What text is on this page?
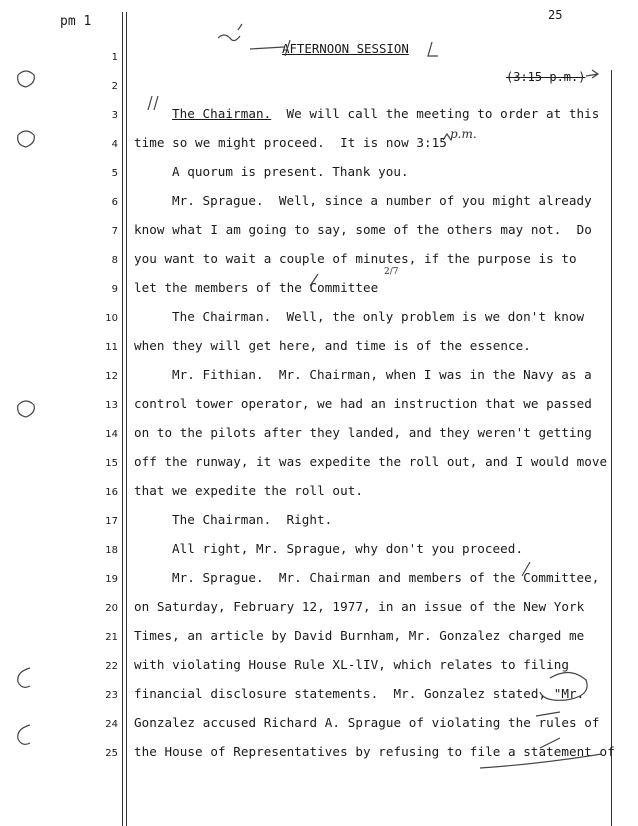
pm 1	25
AFTERNOON SESSION
(3:15 p.m.)
1
2
3	The Chairman.  We will call the meeting to order at this
4 time so we might proceed.  It is now 3:15
5	A quorum is present. Thank you.
6	Mr. Sprague.  Well, since a number of you might already
7 know what I am going to say, some of the others may not.  Do
8 you want to wait a couple of minutes, if the purpose is to
9 let the members of the Committee
10	The Chairman.  Well, the only problem is we don't know
11 when they will get here, and time is of the essence.
12	Mr. Fithian.  Mr. Chairman, when I was in the Navy as a
13 control tower operator, we had an instruction that we passed
14 on to the pilots after they landed, and they weren't getting
15 off the runway, it was expedite the roll out, and I would move
16 that we expedite the roll out.
17	The Chairman.  Right.
18	All right, Mr. Sprague, why don't you proceed.
19	Mr. Sprague.  Mr. Chairman and members of the Committee,
20 on Saturday, February 12, 1977, in an issue of the New York
21 Times, an article by David Burnham, Mr. Gonzalez charged me
22 with violating House Rule XL-lIV, which relates to filing
23 financial disclosure statements.  Mr. Gonzalez stated, "Mr.
24 Gonzalez accused Richard A. Sprague of violating the rules of
25 the House of Representatives by refusing to file a statement of
p.m.
2/7
